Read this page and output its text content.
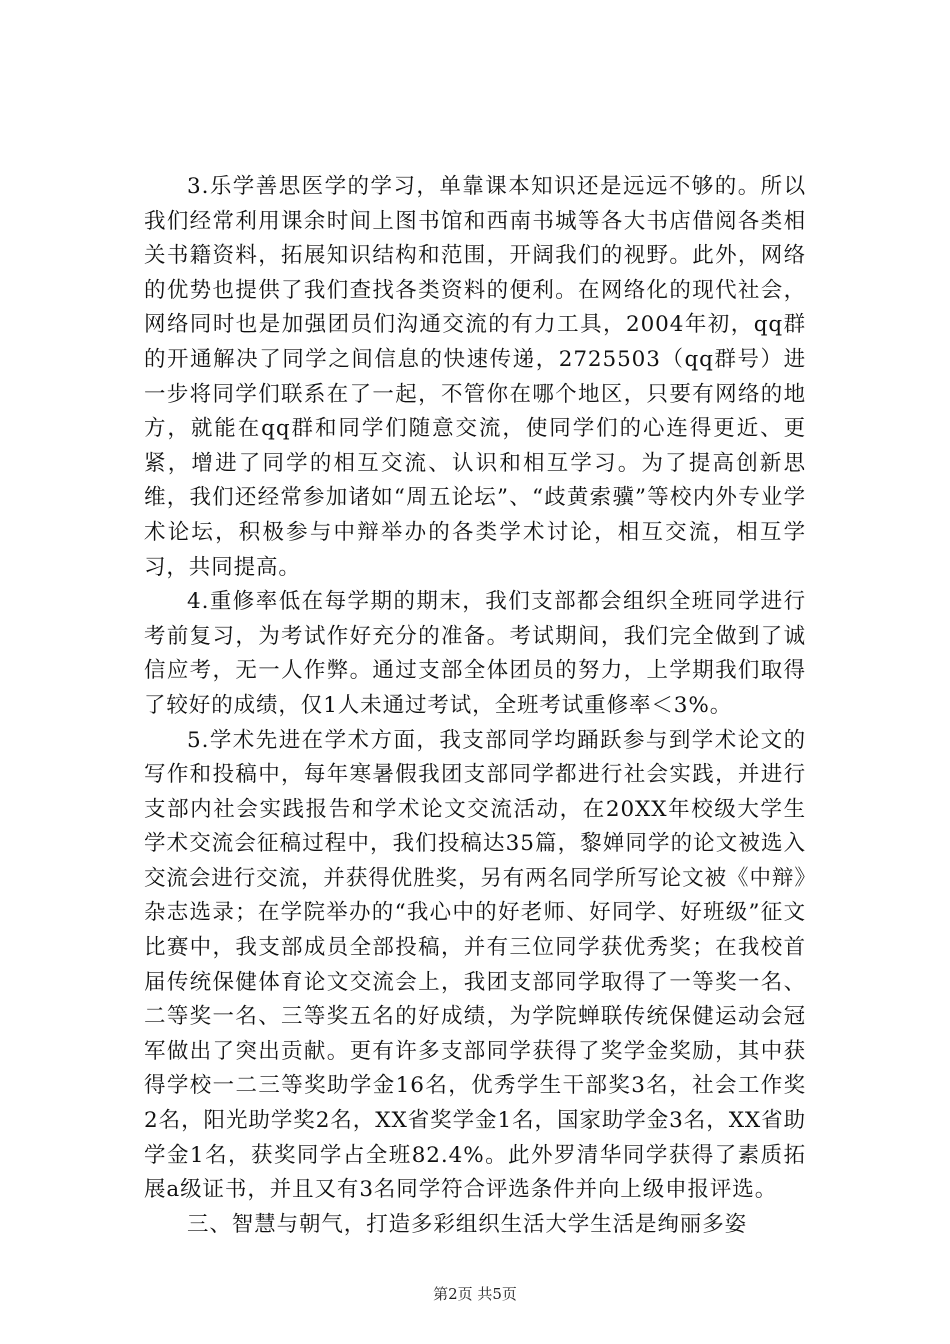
3.乐学善思医学的学习，单靠课本知识还是远远不够的。所以我们经常利用课余时间上图书馆和西南书城等各大书店借阅各类相关书籍资料，拓展知识结构和范围，开阔我们的视野。此外，网络的优势也提供了我们查找各类资料的便利。在网络化的现代社会，网络同时也是加强团员们沟通交流的有力工具，2004年初，qq群的开通解决了同学之间信息的快速传递，2725503（qq群号）进一步将同学们联系在了一起，不管你在哪个地区，只要有网络的地方，就能在qq群和同学们随意交流，使同学们的心连得更近、更紧，增进了同学的相互交流、认识和相互学习。为了提高创新思维，我们还经常参加诸如“周五论坛”、“歧黄索骥”等校内外专业学术论坛，积极参与中辩举办的各类学术讨论，相互交流，相互学习，共同提高。

4.重修率低在每学期的期末，我们支部都会组织全班同学进行考前复习，为考试作好充分的准备。考试期间，我们完全做到了诚信应考，无一人作弊。通过支部全体团员的努力，上学期我们取得了较好的成绩，仅1人未通过考试，全班考试重修率＜3%。

5.学术先进在学术方面，我支部同学均踊跃参与到学术论文的写作和投稿中，每年寒暑假我团支部同学都进行社会实践，并进行支部内社会实践报告和学术论文交流活动，在20XX年校级大学生学术交流会征稿过程中，我们投稿达35篇，黎婵同学的论文被选入交流会进行交流，并获得优胜奖，另有两名同学所写论文被《中辩》杂志选录；在学院举办的“我心中的好老师、好同学、好班级”征文比赛中，我支部成员全部投稿，并有三位同学获优秀奖；在我校首届传统保健体育论文交流会上，我团支部同学取得了一等奖一名、二等奖一名、三等奖五名的好成绩，为学院蝉联传统保健运动会冠军做出了突出贡献。更有许多支部同学获得了奖学金奖励，其中获得学校一二三等奖助学金16名，优秀学生干部奖3名，社会工作奖2名，阳光助学奖2名，XX省奖学金1名，国家助学金3名，XX省助学金1名，获奖同学占全班82.4%。此外罗清华同学获得了素质拓展a级证书，并且又有3名同学符合评选条件并向上级申报评选。

三、智慧与朝气，打造多彩组织生活大学生活是绚丽多姿

第2页 共5页
